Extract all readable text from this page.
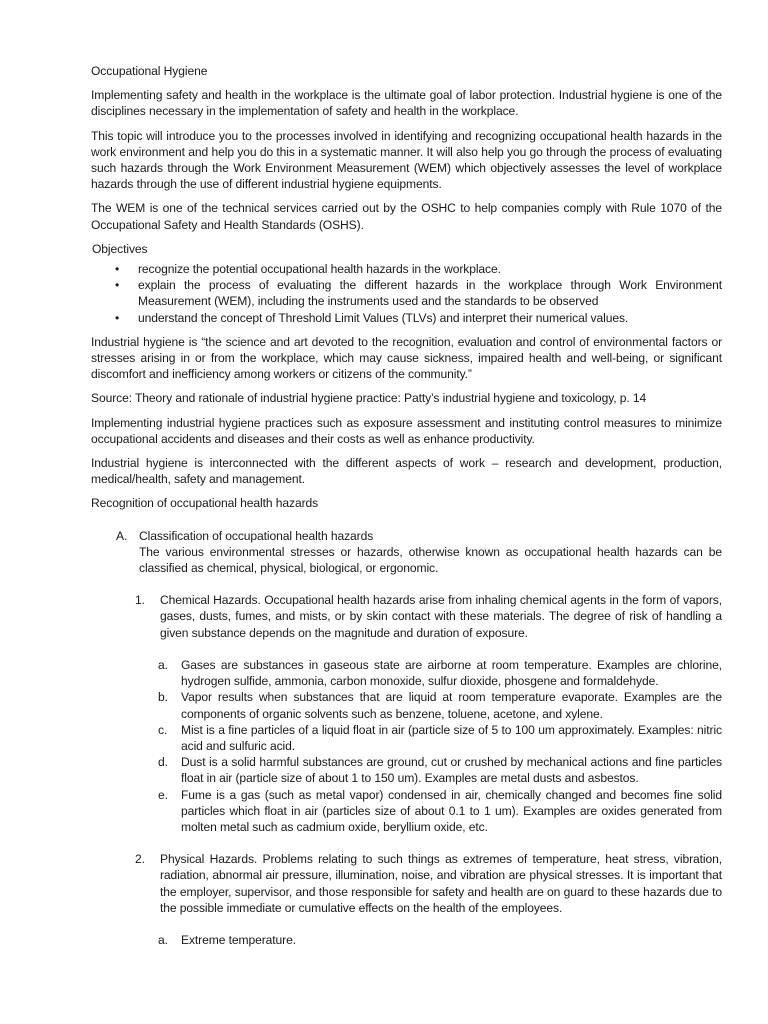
Occupational Hygiene

Implementing safety and health in the workplace is the ultimate goal of labor protection. Industrial hygiene is one of the disciplines necessary in the implementation of safety and health in the workplace.

This topic will introduce you to the processes involved in identifying and recognizing occupational health hazards in the work environment and help you do this in a systematic manner. It will also help you go through the process of evaluating such hazards through the Work Environment Measurement (WEM) which objectively assesses the level of workplace hazards through the use of different industrial hygiene equipments.

The WEM is one of the technical services carried out by the OSHC to help companies comply with Rule 1070 of the Occupational Safety and Health Standards (OSHS).

Objectives

• recognize the potential occupational health hazards in the workplace.
• explain the process of evaluating the different hazards in the workplace through Work Environment Measurement (WEM), including the instruments used and the standards to be observed
• understand the concept of Threshold Limit Values (TLVs) and interpret their numerical values.

Industrial hygiene is “the science and art devoted to the recognition, evaluation and control of environmental factors or stresses arising in or from the workplace, which may cause sickness, impaired health and well-being, or significant discomfort and inefficiency among workers or citizens of the community.”

Source: Theory and rationale of industrial hygiene practice: Patty’s industrial hygiene and toxicology, p. 14

Implementing industrial hygiene practices such as exposure assessment and instituting control measures to minimize occupational accidents and diseases and their costs as well as enhance productivity.

Industrial hygiene is interconnected with the different aspects of work – research and development, production, medical/health, safety and management.

Recognition of occupational health hazards

A. Classification of occupational health hazards

The various environmental stresses or hazards, otherwise known as occupational health hazards can be classified as chemical, physical, biological, or ergonomic.

1. Chemical Hazards. Occupational health hazards arise from inhaling chemical agents in the form of vapors, gases, dusts, fumes, and mists, or by skin contact with these materials. The degree of risk of handling a given substance depends on the magnitude and duration of exposure.

a. Gases are substances in gaseous state are airborne at room temperature. Examples are chlorine, hydrogen sulfide, ammonia, carbon monoxide, sulfur dioxide, phosgene and formaldehyde.

b. Vapor results when substances that are liquid at room temperature evaporate. Examples are the components of organic solvents such as benzene, toluene, acetone, and xylene.

c. Mist is a fine particles of a liquid float in air (particle size of 5 to 100 um approximately. Examples: nitric acid and sulfuric acid.

d. Dust is a solid harmful substances are ground, cut or crushed by mechanical actions and fine particles float in air (particle size of about 1 to 150 um). Examples are metal dusts and asbestos.

e. Fume is a gas (such as metal vapor) condensed in air, chemically changed and becomes fine solid particles which float in air (particles size of about 0.1 to 1 um). Examples are oxides generated from molten metal such as cadmium oxide, beryllium oxide, etc.

2. Physical Hazards. Problems relating to such things as extremes of temperature, heat stress, vibration, radiation, abnormal air pressure, illumination, noise, and vibration are physical stresses. It is important that the employer, supervisor, and those responsible for safety and health are on guard to these hazards due to the possible immediate or cumulative effects on the health of the employees.

a. Extreme temperature.
